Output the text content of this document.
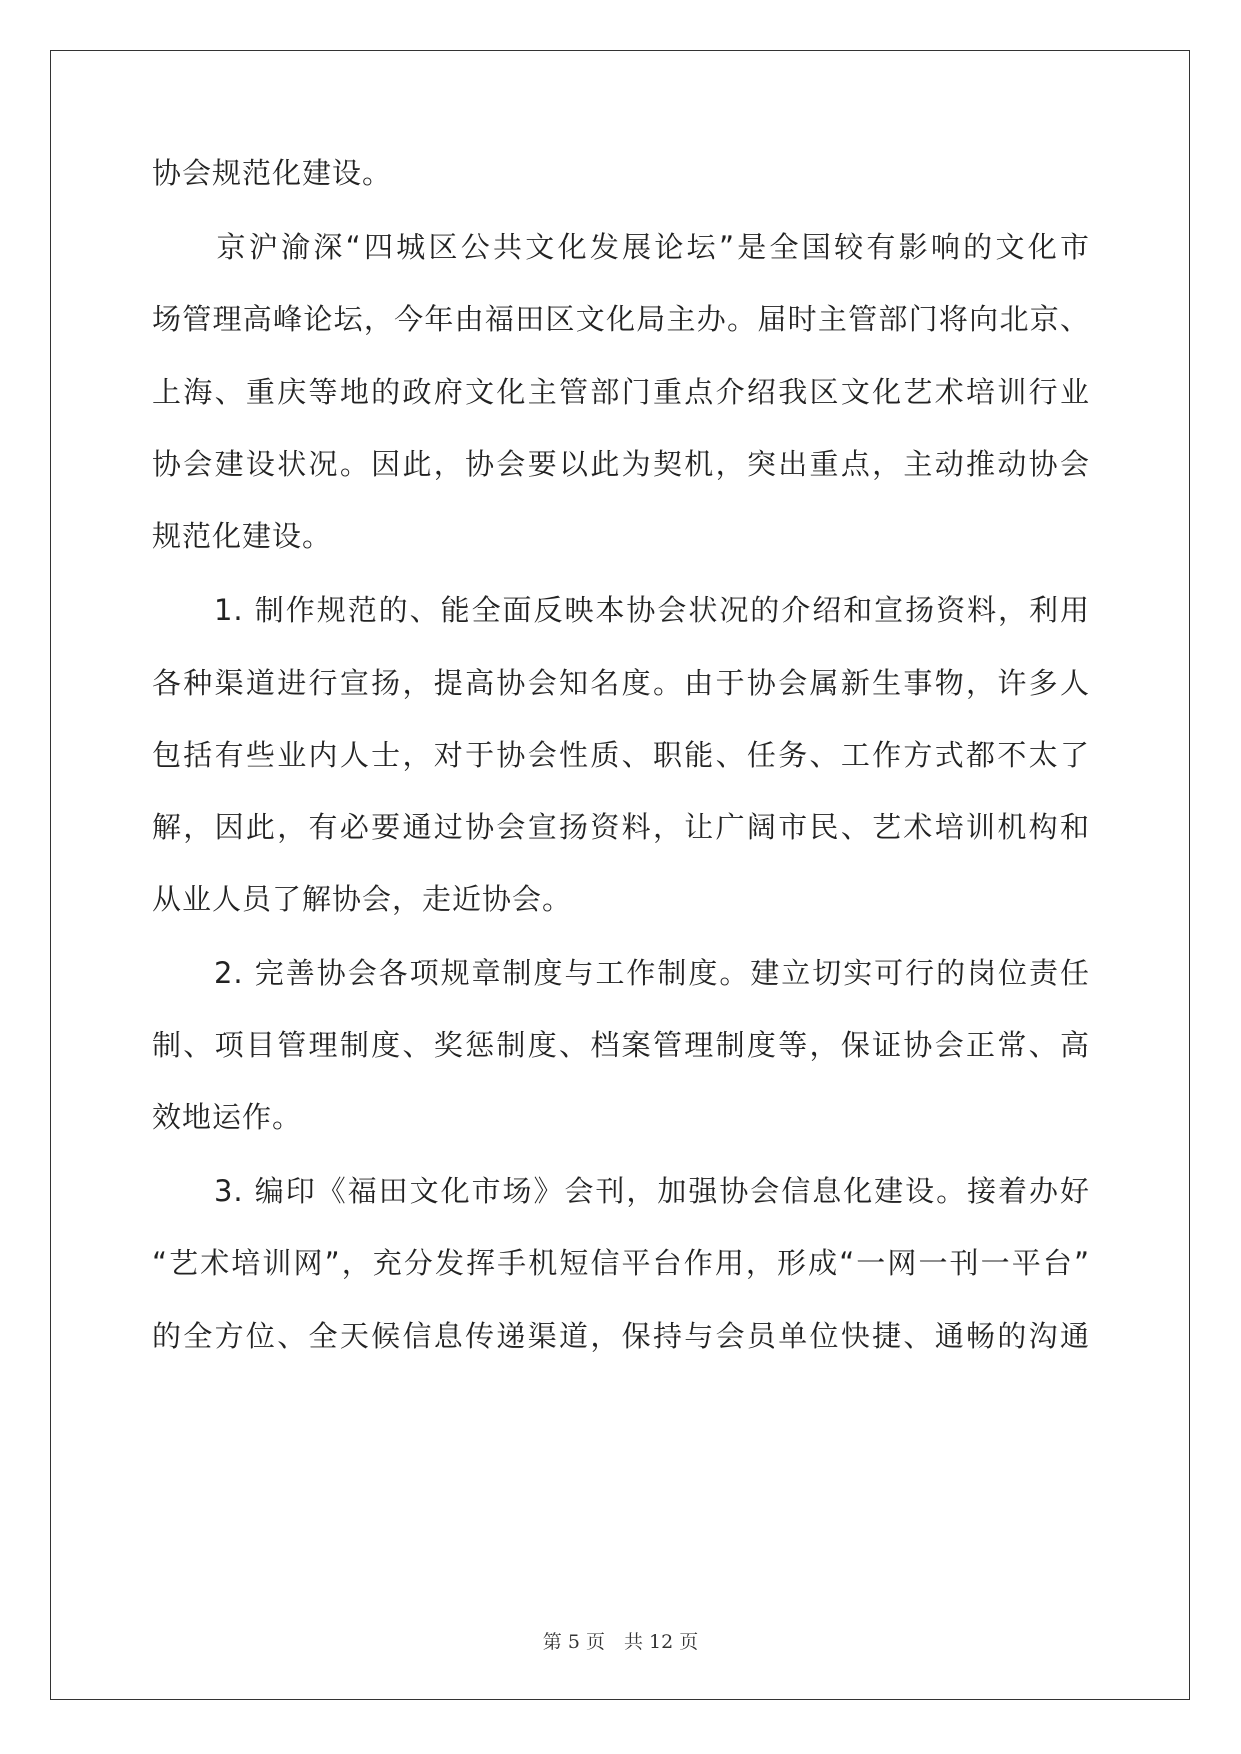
协会规范化建设。
　　京沪渝深“四城区公共文化发展论坛”是全国较有影响的文化市
场管理高峰论坛，今年由福田区文化局主办。届时主管部门将向北京、
上海、重庆等地的政府文化主管部门重点介绍我区文化艺术培训行业
协会建设状况。因此，协会要以此为契机，突出重点，主动推动协会
规范化建设。
　　1. 制作规范的、能全面反映本协会状况的介绍和宣扬资料，利用
各种渠道进行宣扬，提高协会知名度。由于协会属新生事物，许多人
包括有些业内人士，对于协会性质、职能、任务、工作方式都不太了
解，因此，有必要通过协会宣扬资料，让广阔市民、艺术培训机构和
从业人员了解协会，走近协会。
　　2. 完善协会各项规章制度与工作制度。建立切实可行的岗位责任
制、项目管理制度、奖惩制度、档案管理制度等，保证协会正常、高
效地运作。
　　3. 编印《福田文化市场》会刊，加强协会信息化建设。接着办好
“艺术培训网”，充分发挥手机短信平台作用，形成“一网一刊一平台”
的全方位、全天候信息传递渠道，保持与会员单位快捷、通畅的沟通
第 5 页　共 12 页
